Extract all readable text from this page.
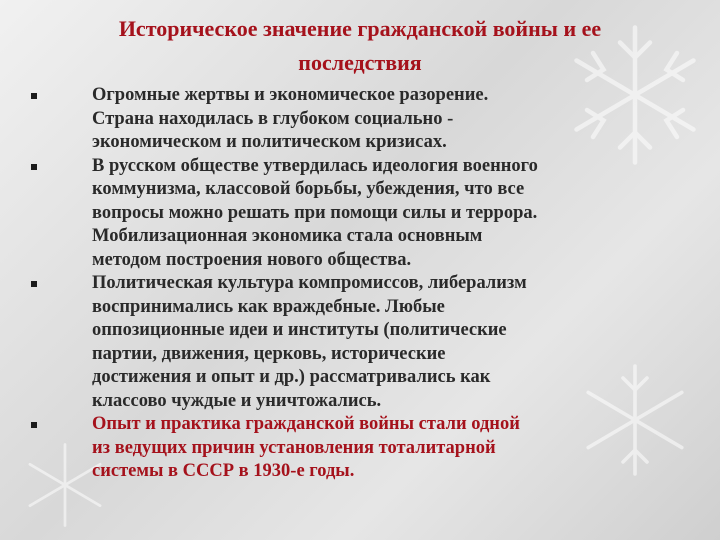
Историческое значение гражданской войны и ее
последствия
Огромные жертвы и экономическое разорение.
Страна находилась в глубоком социально -
экономическом и политическом кризисах.
В русском обществе утвердилась идеология военного
коммунизма, классовой борьбы, убеждения, что все
вопросы можно решать при помощи силы и террора.
Мобилизационная экономика стала основным
методом построения нового общества.
Политическая культура компромиссов, либерализм
воспринимались как враждебные. Любые
оппозиционные идеи и институты (политические
партии, движения, церковь, исторические
достижения и опыт и др.) рассматривались как
классово чуждые и уничтожались.
Опыт и практика гражданской войны стали одной
из ведущих причин установления тоталитарной
системы в СССР в 1930-е годы.
